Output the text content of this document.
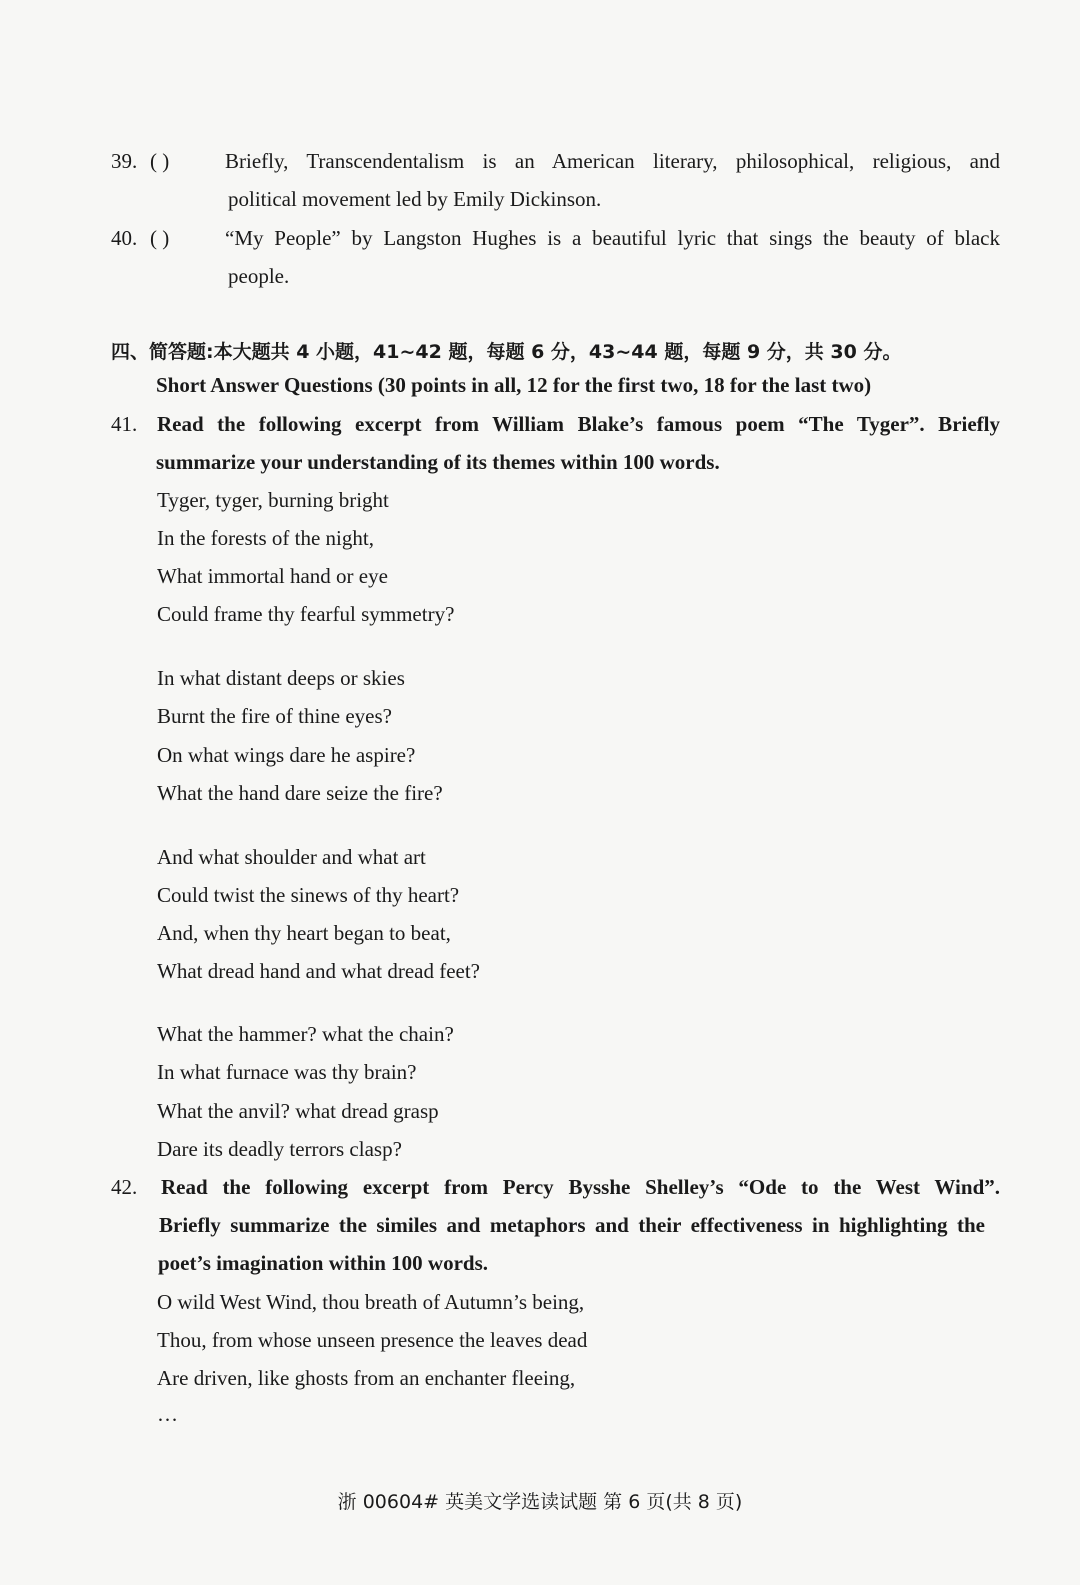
39. ( )	Briefly, Transcendentalism is an American literary, philosophical, religious, and
political movement led by Emily Dickinson.
40. ( )	“My People” by Langston Hughes is a beautiful lyric that sings the beauty of black
people.
四、简答题:本大题共 4 小题，41~42 题，每题 6 分，43~44 题，每题 9 分，共 30 分。
Short Answer Questions (30 points in all, 12 for the first two, 18 for the last two)
41. Read the following excerpt from William Blake’s famous poem “The Tyger”. Briefly
summarize your understanding of its themes within 100 words.
Tyger, tyger, burning bright
In the forests of the night,
What immortal hand or eye
Could frame thy fearful symmetry?
In what distant deeps or skies
Burnt the fire of thine eyes?
On what wings dare he aspire?
What the hand dare seize the fire?
And what shoulder and what art
Could twist the sinews of thy heart?
And, when thy heart began to beat,
What dread hand and what dread feet?
What the hammer? what the chain?
In what furnace was thy brain?
What the anvil? what dread grasp
Dare its deadly terrors clasp?
42. Read the following excerpt from Percy Bysshe Shelley’s “Ode to the West Wind”.
Briefly summarize the similes and metaphors and their effectiveness in highlighting the
poet’s imagination within 100 words.
O wild West Wind, thou breath of Autumn’s being,
Thou, from whose unseen presence the leaves dead
Are driven, like ghosts from an enchanter fleeing,
…
浙 00604# 英美文学选读试题 第 6 页(共 8 页)
